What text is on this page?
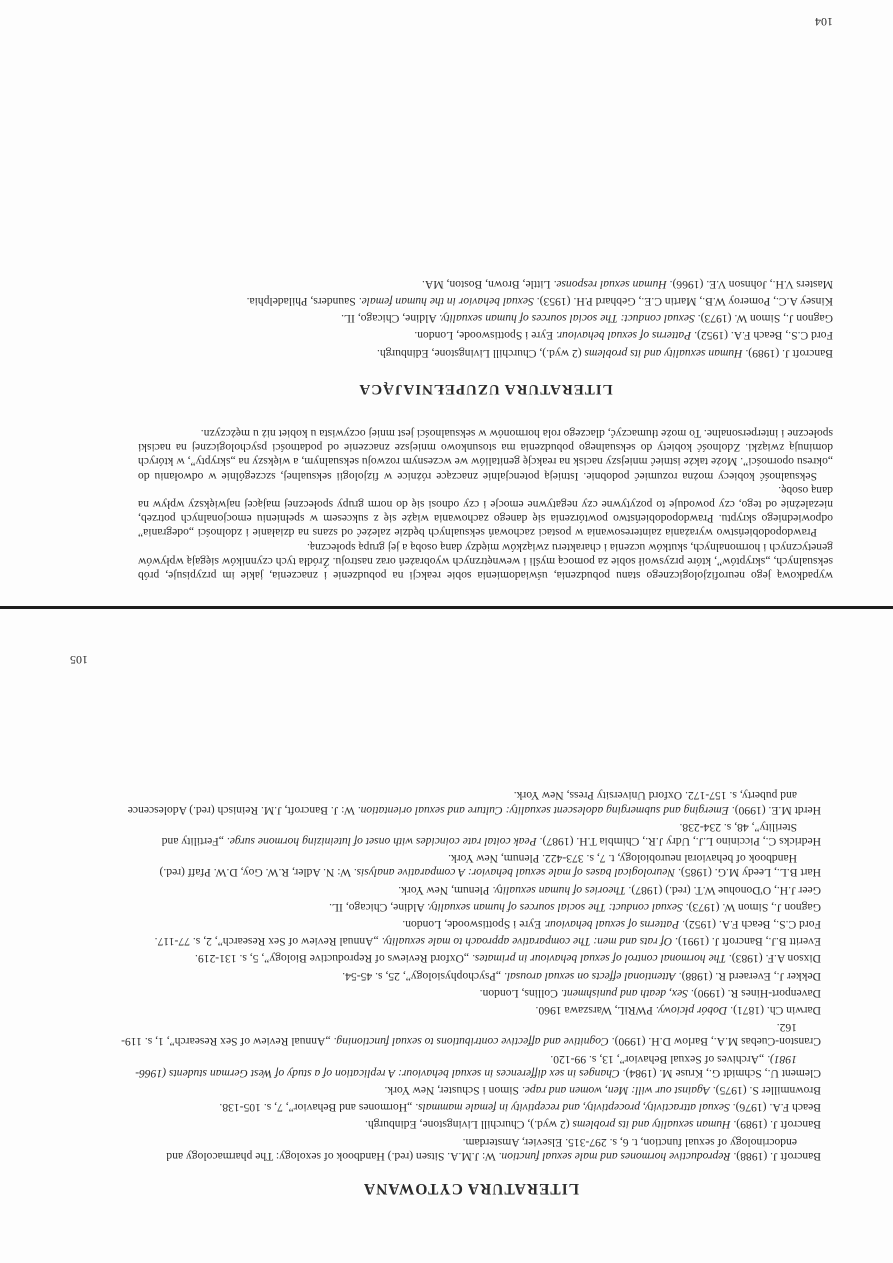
wypadkową jego neurofizjologicznego stanu pobudzenia, uświadomienia sobie reakcji na pobudzenie i znaczenia, jakie im przypisuje, prób seksualnych, „skryptów”, które przyswoił sobie za pomocą myśli i wewnętrznych wyobrażeń oraz nastroju. Źródła tych czynników sięgają wpływów genetycznych i hormonalnych, skutków uczenia i charakteru związków między daną osobą a jej grupą społeczną.

Prawdopodobieństwo wyrażania zainteresowania w postaci zachowań seksualnych będzie zależeć od szans na działanie i zdolności „odegrania” odpowiedniego skryptu. Prawdopodobieństwo powtórzenia się danego zachowania wiąże się z sukcesem w spełnieniu emocjonalnych potrzeb, niezależnie od tego, czy powoduje to pozytywne czy negatywne emocje i czy odnosi się do norm grupy społecznej mającej największy wpływ na daną osobę.

Seksualność kobiecy można rozumieć podobnie. Istnieją potencjalnie znaczące różnice w fizjologii seksualnej, szczególnie w odwołaniu do „okresu oporności”. Może także istnieć mniejszy nacisk na reakcję genitaliów we wczesnym rozwoju seksualnym, a większy na „skrypty”, w których dominują związki. Zdolność kobiety do seksualnego pobudzenia ma stosunkowo mniejsze znaczenie od podatności psychologicznej na naciski społeczne i interpersonalne. To może tłumaczyć, dlaczego rola hormonów w seksualności jest mniej oczywista u kobiet niż u mężczyzn.

LITERATURA UZUPEŁNIAJĄCA

Bancroft J. (1989). Human sexuality and its problems (2 wyd.), Churchill Livingstone, Edinburgh.

Ford C.S., Beach F.A. (1952). Patterns of sexual behaviour. Eyre i Spottiswoode, London.

Gagnon J., Simon W. (1973). Sexual conduct: The social sources of human sexuality. Aldine, Chicago, IL.

Kinsey A.C., Pomeroy W.B., Martin C.E., Gebhard P.H. (1953). Sexual behavior in the human female. Saunders, Philadelphia.

Masters V.H., Johnson V.E. (1966). Human sexual response. Little, Brown, Boston, MA.

104
LITERATURA CYTOWANA

Bancroft J. (1988). Reproductive hormones and male sexual function. W: J.M.A. Sitsen (red.) Handbook of sexology: The pharmacology and endocrinology of sexual function, t. 6, s. 297-315. Elsevier, Amsterdam.

Bancroft J. (1989). Human sexuality and its problems (2 wyd.), Churchill Livingstone, Edinburgh.

Beach F.A. (1976). Sexual attractivity, proceptivity, and receptivity in female mammals. „Hormones and Behavior”, 7, s. 105-138.

Brownmiller S. (1975). Against our will: Men, women and rape. Simon i Schuster, New York.

Clement U., Schmidt G., Kruse M. (1984). Changes in sex differences in sexual behaviour: A replication of a study of West German students (1966-1981). „Archives of Sexual Behavior”, 13, s. 99-120.

Cranston-Cuebas M.A., Barlow D.H. (1990). Cognitive and affective contributions to sexual functioning. „Annual Review of Sex Research”, 1, s. 119-162.

Darwin Ch. (1871). Dobór płciowy. PWRiL, Warszawa 1960.

Davenport-Hines R. (1990). Sex, death and punishment. Collins, London.

Dekker J., Everaerd R. (1988). Attentional effects on sexual arousal. „Psychophysiology”, 25, s. 45-54.

Dixson A.F. (1983). The hormonal control of sexual behaviour in primates. „Oxford Reviews of Reproductive Biology”, 5, s. 131-219.

Everitt B.J., Bancroft J. (1991). Of rats and men: The comparative approach to male sexuality. „Annual Review of Sex Research”, 2, s. 77-117.

Ford C.S., Beach F.A. (1952). Patterns of sexual behaviour. Eyre i Spottiswoode, London.

Gagnon J., Simon W. (1973). Sexual conduct: The social sources of human sexuality. Aldine, Chicago, IL.

Geer J.H., O'Donohue W.T. (red.) (1987). Theories of human sexuality. Plenum, New York.

Hart B.L., Leedy M.G. (1985). Neurological bases of male sexual behavior: A comparative analysis. W: N. Adler, R.W. Goy, D.W. Pfaff (red.) Handbook of behavioral neurobiology, t. 7, s. 373-422. Plenum, New York.

Hedricks C., Piccinino L.J., Udry J.R., Chimbia T.H. (1987). Peak coital rate coincides with onset of luteinizing hormone surge. „Fertility and Sterility”, 48, s. 234-238.

Herdt M.E. (1990). Emerging and submerging adolescent sexuality: Culture and sexual orientation. W: J. Bancroft, J.M. Reinisch (red.) Adolescence and puberty, s. 157-172. Oxford University Press, New York.

105
